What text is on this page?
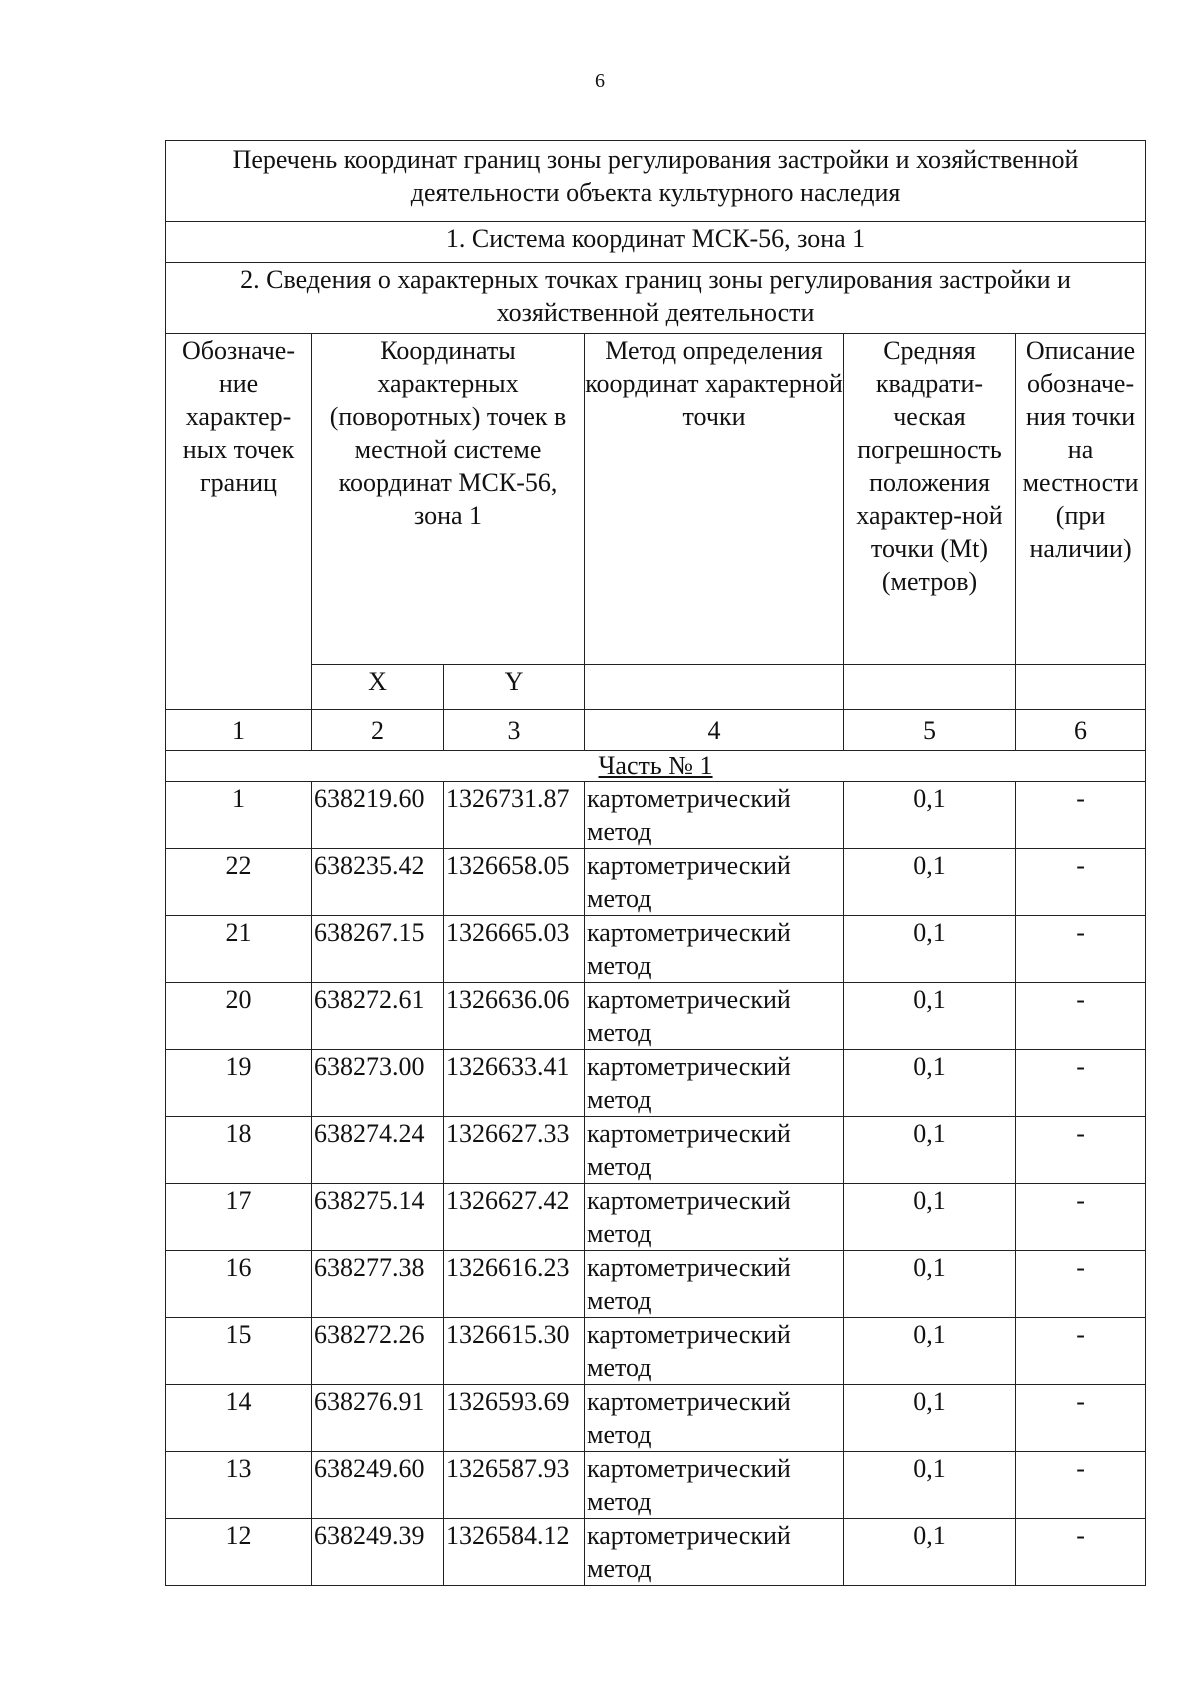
6
Перечень координат границ зоны регулирования застройки и хозяйственной деятельности объекта культурного наследия					
1. Система координат МСК-56, зона 1					
2. Сведения о характерных точках границ зоны регулирования застройки и хозяйственной деятельности					
Обозначе-ние характер-ных точек границ	Координаты характерных (поворотных) точек в местной системе координат МСК-56, зона 1		Метод определения координат характерной точки	Средняя квадрати-ческая погрешность положения характер-ной точки (Mt) (метров)	Описание обозначе-ния точки на местности (при наличии)
	X	Y			
1	2	3	4	5	6
Часть № 1					
1	638219.60	1326731.87	картометрический метод	0,1	-
22	638235.42	1326658.05	картометрический метод	0,1	-
21	638267.15	1326665.03	картометрический метод	0,1	-
20	638272.61	1326636.06	картометрический метод	0,1	-
19	638273.00	1326633.41	картометрический метод	0,1	-
18	638274.24	1326627.33	картометрический метод	0,1	-
17	638275.14	1326627.42	картометрический метод	0,1	-
16	638277.38	1326616.23	картометрический метод	0,1	-
15	638272.26	1326615.30	картометрический метод	0,1	-
14	638276.91	1326593.69	картометрический метод	0,1	-
13	638249.60	1326587.93	картометрический метод	0,1	-
12	638249.39	1326584.12	картометрический метод	0,1	-
